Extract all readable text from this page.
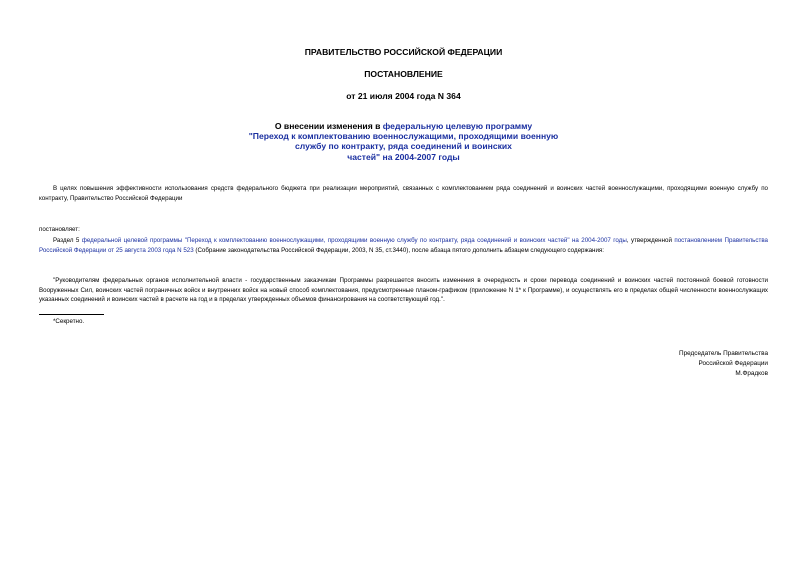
ПРАВИТЕЛЬСТВО РОССИЙСКОЙ ФЕДЕРАЦИИ

ПОСТАНОВЛЕНИЕ

от 21 июля 2004 года N 364

О внесении изменения в федеральную целевую программу
"Переход к комплектованию военнослужащими, проходящими военную
службу по контракту, ряда соединений и воинских
частей" на 2004-2007 годы

В целях повышения эффективности использования средств федерального бюджета при реализации мероприятий, связанных с комплектованием ряда соединений и воинских частей военнослужащими, проходящими военную службу по контракту, Правительство Российской Федерации

постановляет:

Раздел 5 федеральной целевой программы "Переход к комплектованию военнослужащими, проходящими военную службу по контракту, ряда соединений и воинских частей" на 2004-2007 годы, утвержденной постановлением Правительства Российской Федерации от 25 августа 2003 года N 523 (Собрание законодательства Российской Федерации, 2003, N 35, ст.3440), после абзаца пятого дополнить абзацем следующего содержания:

"Руководителям федеральных органов исполнительной власти - государственным заказчикам Программы разрешается вносить изменения в очередность и сроки перевода соединений и воинских частей постоянной боевой готовности Вооруженных Сил, воинских частей пограничных войск и внутренних войск на новый способ комплектования, предусмотренные планом-графиком (приложение N 1* к Программе), и осуществлять его в пределах общей численности военнослужащих указанных соединений и воинских частей в расчете на год и в пределах утвержденных объемов финансирования на соответствующий год.".

*Секретно.

Председатель Правительства
Российской Федерации
М.Фрадков
